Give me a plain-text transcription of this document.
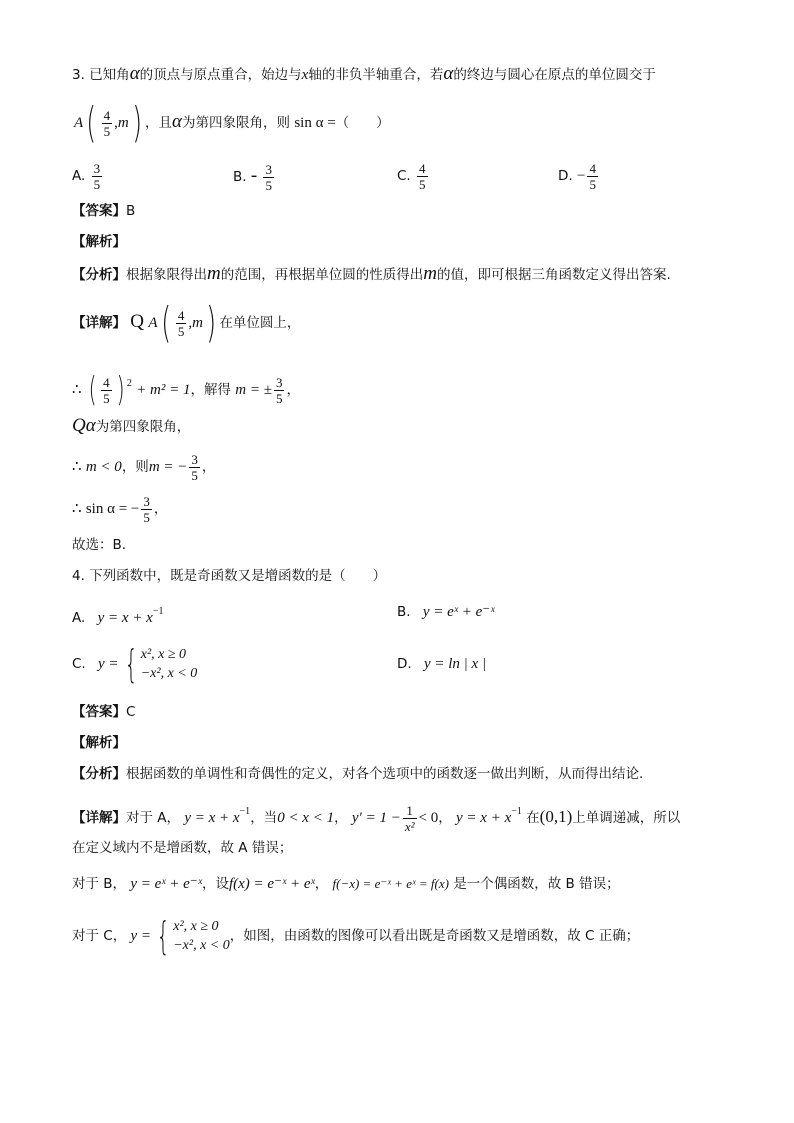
3. 已知角α的顶点与原点重合，始边与x轴的非负半轴重合，若α的终边与圆心在原点的单位圆交于
$A( \frac{4}{5} ,m)$ ，且α为第四象限角，则 sin α =（　　）
A. $\frac{3}{5}$	B. - $\frac{3}{5}$	C. $\frac{4}{5}$	D. − $\frac{4}{5}$
【答案】B
【解析】
【分析】根据象限得出m的范围，再根据单位圆的性质得出m的值，即可根据三角函数定义得出答案.
【详解】 Q $A( \frac{4}{5} ,m)$ 在单位圆上，
∴ ( $\frac{4}{5}$ ) $^2$ + m² = 1，解得 m = ± $\frac{3}{5}$ ，
Qα为第四象限角，
∴ m < 0，则m = − $\frac{3}{5}$ ，
∴ sin α = − $\frac{3}{5}$ ，
故选：B.
4. 下列函数中，既是奇函数又是增函数的是（　　）
A. $y = x + x^{-1}$	B. y = eˣ + e⁻ˣ
C. y = { x², x ≥ 0
−x², x < 0
D. y = ln | x |
【答案】C
【解析】
【分析】根据函数的单调性和奇偶性的定义，对各个选项中的函数逐一做出判断，从而得出结论.
【详解】对于 A， $y = x + x^{-1}$，当0 < x < 1， $y' = 1 - \frac{1}{\text{x²}} < 0$， $y = x + x^{-1}$ 在(0,1)上单调递减，所以
在定义域内不是增函数，故 A 错误；
对于 B， y = eˣ + e⁻ˣ，设f(x) = e⁻ˣ + eˣ， f(−x) = e⁻ˣ + eˣ = f(x) 是一个偶函数，故 B 错误；
对于 C， y = { x², x ≥ 0
−x², x < 0
，如图，由函数的图像可以看出既是奇函数又是增函数，故 C 正确；
